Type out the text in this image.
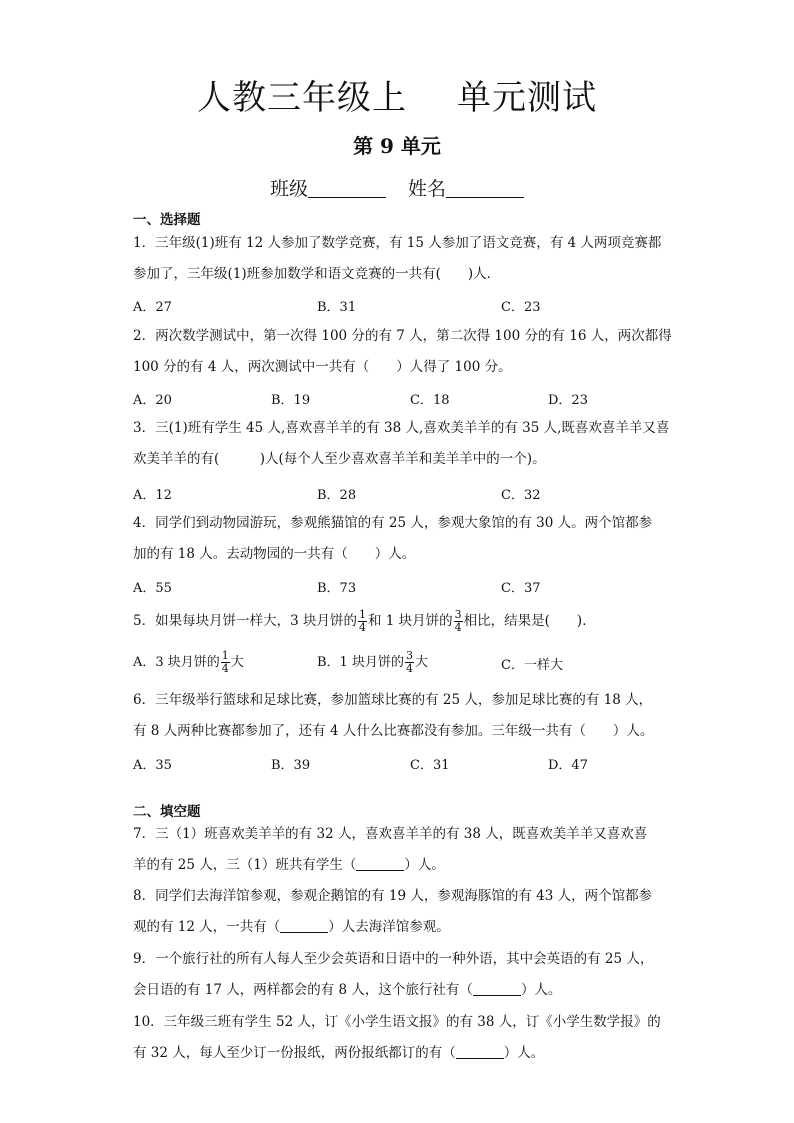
人教三年级上 单元测试
第 9 单元
班级	姓名
一、选择题
1．三年级(1)班有 12 人参加了数学竞赛，有 15 人参加了语文竞赛，有 4 人两项竞赛都
参加了，三年级(1)班参加数学和语文竞赛的一共有(　　)人．
A．27	B．31	C．23
2．两次数学测试中，第一次得 100 分的有 7 人，第二次得 100 分的有 16 人，两次都得
100 分的有 4 人，两次测试中一共有（　　）人得了 100 分。
A．20	B．19	C．18	D．23
3．三(1)班有学生 45 人,喜欢喜羊羊的有 38 人,喜欢美羊羊的有 35 人,既喜欢喜羊羊又喜
欢美羊羊的有(　　　)人(每个人至少喜欢喜羊羊和美羊羊中的一个)。
A．12	B．28	C．32
4．同学们到动物园游玩，参观熊猫馆的有 25 人，参观大象馆的有 30 人。两个馆都参
加的有 18 人。去动物园的一共有（　　）人。
A．55	B．73	C．37
5．如果每块月饼一样大，3 块月饼的 $\frac{1}{4}$ 和 1 块月饼的 $\frac{3}{4}$ 相比，结果是(　　)．
A．3 块月饼的 $\frac{1}{4}$ 大	B．1 块月饼的 $\frac{3}{4}$ 大	C．一样大
6．三年级举行篮球和足球比赛，参加篮球比赛的有 25 人，参加足球比赛的有 18 人，
有 8 人两种比赛都参加了，还有 4 人什么比赛都没有参加。三年级一共有（　　）人。
A．35	B．39	C．31	D．47
二、填空题
7．三（1）班喜欢美羊羊的有 32 人，喜欢喜羊羊的有 38 人，既喜欢美羊羊又喜欢喜
羊的有 25 人，三（1）班共有学生（	）人。
8．同学们去海洋馆参观，参观企鹅馆的有 19 人，参观海豚馆的有 43 人，两个馆都参
观的有 12 人，一共有（	）人去海洋馆参观。
9．一个旅行社的所有人每人至少会英语和日语中的一种外语，其中会英语的有 25 人，
会日语的有 17 人，两样都会的有 8 人，这个旅行社有（	）人。
10．三年级三班有学生 52 人，订《小学生语文报》的有 38 人，订《小学生数学报》的
有 32 人，每人至少订一份报纸，两份报纸都订的有（	）人。
